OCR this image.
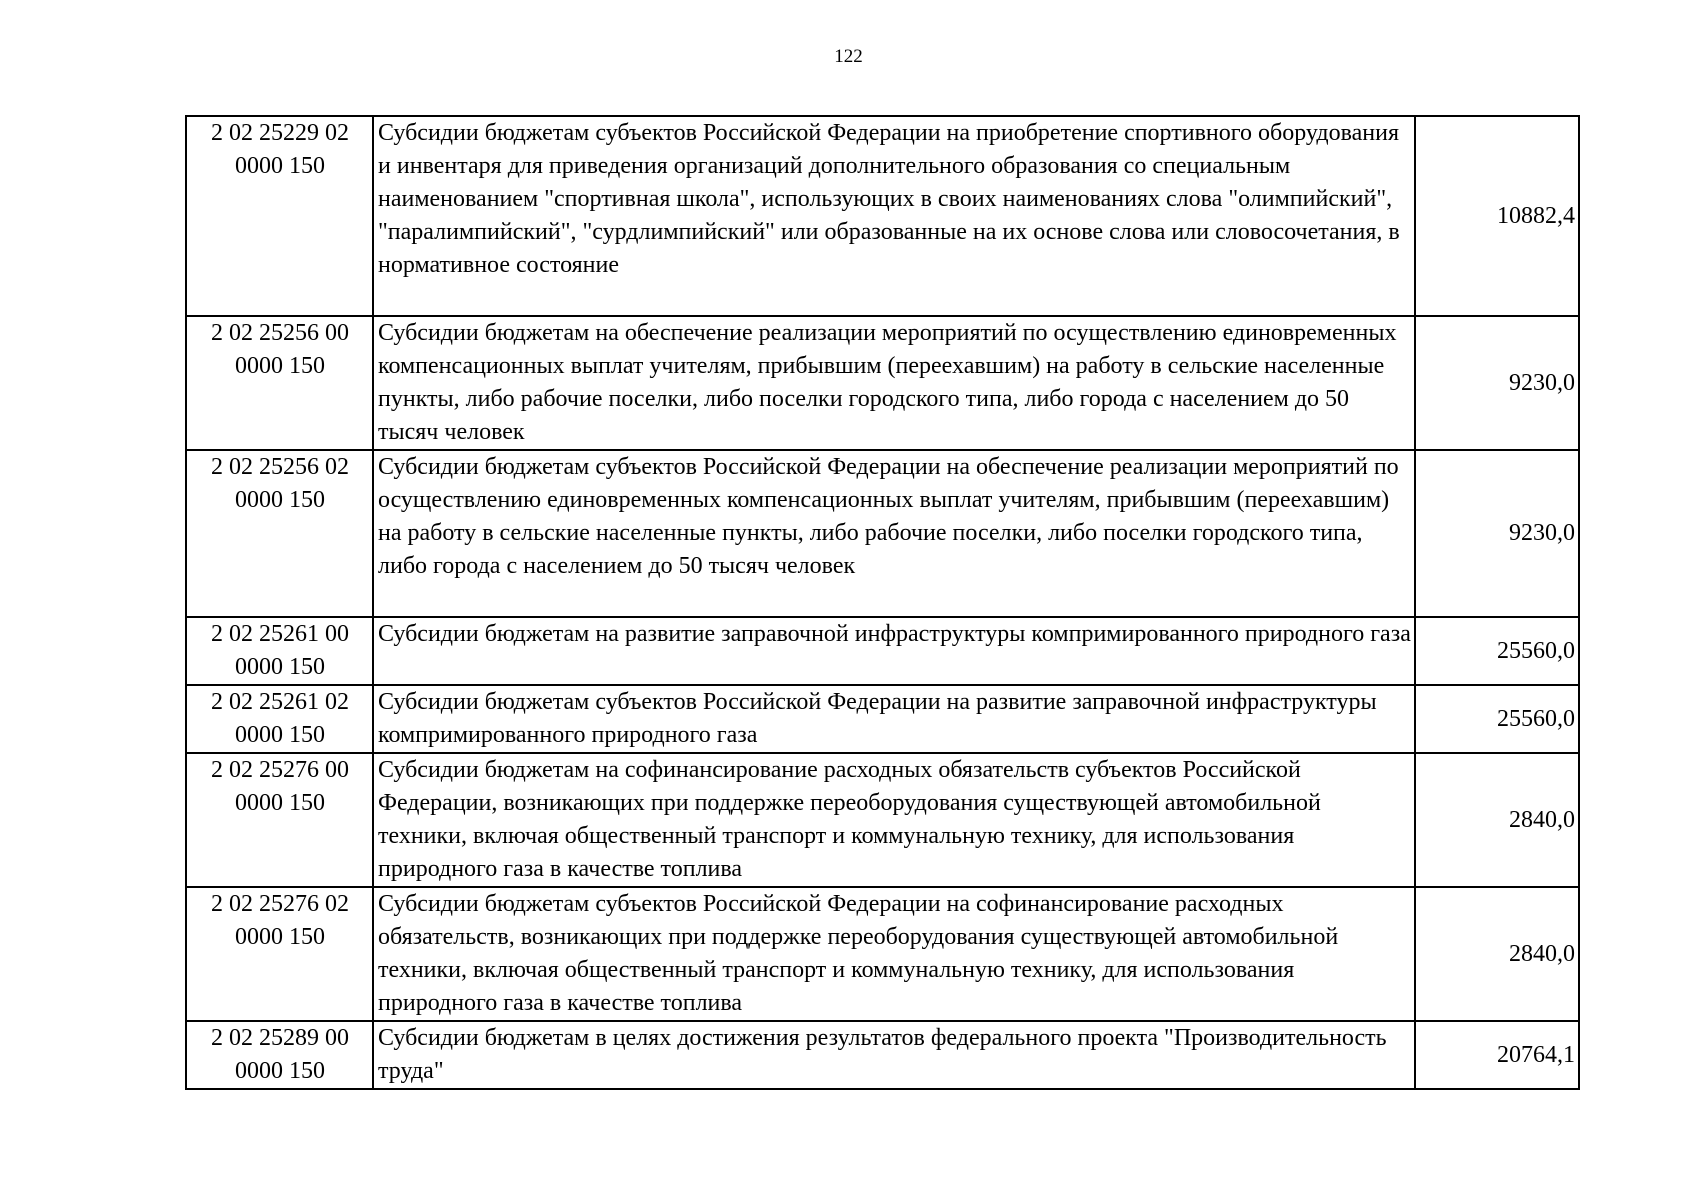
122
2 02 25229 02 0000 150	Субсидии бюджетам субъектов Российской Федерации на приобретение спортивного оборудования и инвентаря для приведения организаций дополнительного образования со специальным наименованием "спортивная школа", использующих в своих наименованиях слова "олимпийский", "паралимпийский", "сурдлимпийский" или образованные на их основе слова или словосочетания, в нормативное состояние	10882,4
2 02 25256 00 0000 150	Субсидии бюджетам на обеспечение реализации мероприятий по осуществлению единовременных компенсационных выплат учителям, прибывшим (переехавшим) на работу в сельские населенные пункты, либо рабочие поселки, либо поселки городского типа, либо города с населением до 50 тысяч человек	9230,0
2 02 25256 02 0000 150	Субсидии бюджетам субъектов Российской Федерации на обеспечение реализации мероприятий по осуществлению единовременных компенсационных выплат учителям, прибывшим (переехавшим) на работу в сельские населенные пункты, либо рабочие поселки, либо поселки городского типа, либо города с населением до 50 тысяч человек	9230,0
2 02 25261 00 0000 150	Субсидии бюджетам на развитие заправочной инфраструктуры компримированного природного газа	25560,0
2 02 25261 02 0000 150	Субсидии бюджетам субъектов Российской Федерации на развитие заправочной инфраструктуры компримированного природного газа	25560,0
2 02 25276 00 0000 150	Субсидии бюджетам на софинансирование расходных обязательств субъектов Российской Федерации, возникающих при поддержке переоборудования существующей автомобильной техники, включая общественный транспорт и коммунальную технику, для использования природного газа в качестве топлива	2840,0
2 02 25276 02 0000 150	Субсидии бюджетам субъектов Российской Федерации на софинансирование расходных обязательств, возникающих при поддержке переоборудования существующей автомобильной техники, включая общественный транспорт и коммунальную технику, для использования природного газа в качестве топлива	2840,0
2 02 25289 00 0000 150	Субсидии бюджетам в целях достижения результатов федерального проекта "Производительность труда"	20764,1
